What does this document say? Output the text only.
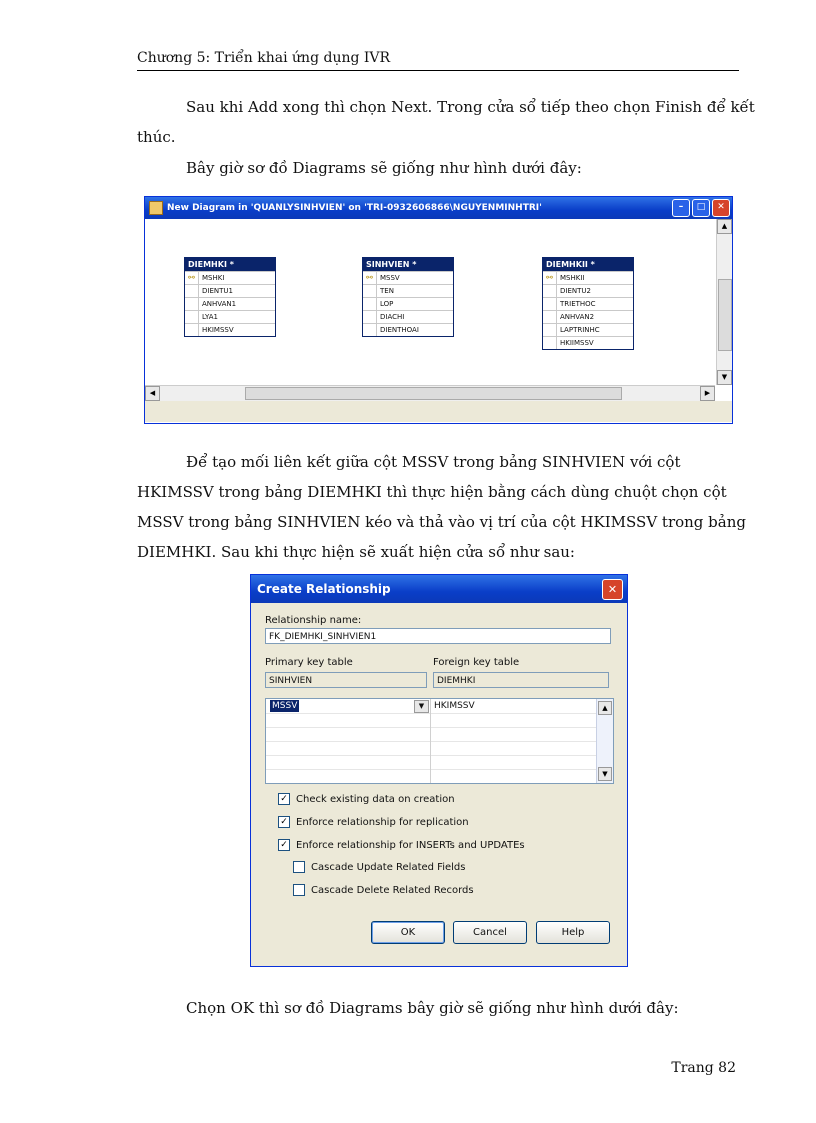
Chương 5: Triển khai ứng dụng IVR
Sau khi Add xong thì chọn Next. Trong cửa sổ tiếp theo chọn Finish để kết
thúc.
Bây giờ sơ đồ Diagrams sẽ giống như hình dưới đây:
New Diagram in 'QUANLYSINHVIEN' on 'TRI-0932606866\NGUYENMINHTRI'	–	□	✕
DIEMHKI *
⚯	MSHKI
DIENTU1
ANHVAN1
LYA1
HKIMSSV
SINHVIEN *
⚯	MSSV
TEN
LOP
DIACHI
DIENTHOAI
DIEMHKII *
⚯	MSHKII
DIENTU2
TRIETHOC
ANHVAN2
LAPTRINHC
HKIIMSSV
▲
▼
◀	▶
Để tạo mối liên kết giữa cột MSSV trong bảng SINHVIEN với cột
HKIMSSV trong bảng DIEMHKI thì thực hiện bằng cách dùng chuột chọn cột
MSSV trong bảng SINHVIEN kéo và thả vào vị trí của cột HKIMSSV trong bảng
DIEMHKI. Sau khi thực hiện sẽ xuất hiện cửa sổ như sau:
Create Relationship	✕
Relationship name:
FK_DIEMHKI_SINHVIEN1
Primary key table
SINHVIEN
Foreign key table
DIEMHKI
MSSV	▼	HKIMSSV	▲
▼
✓ Check existing data on creation
✓ Enforce relationship for replication
✓ Enforce relationship for INSERTs and UPDATEs
Cascade Update Related Fields
Cascade Delete Related Records
OK	Cancel	Help
Chọn OK thì sơ đồ Diagrams bây giờ sẽ giống như hình dưới đây:
Trang 82
